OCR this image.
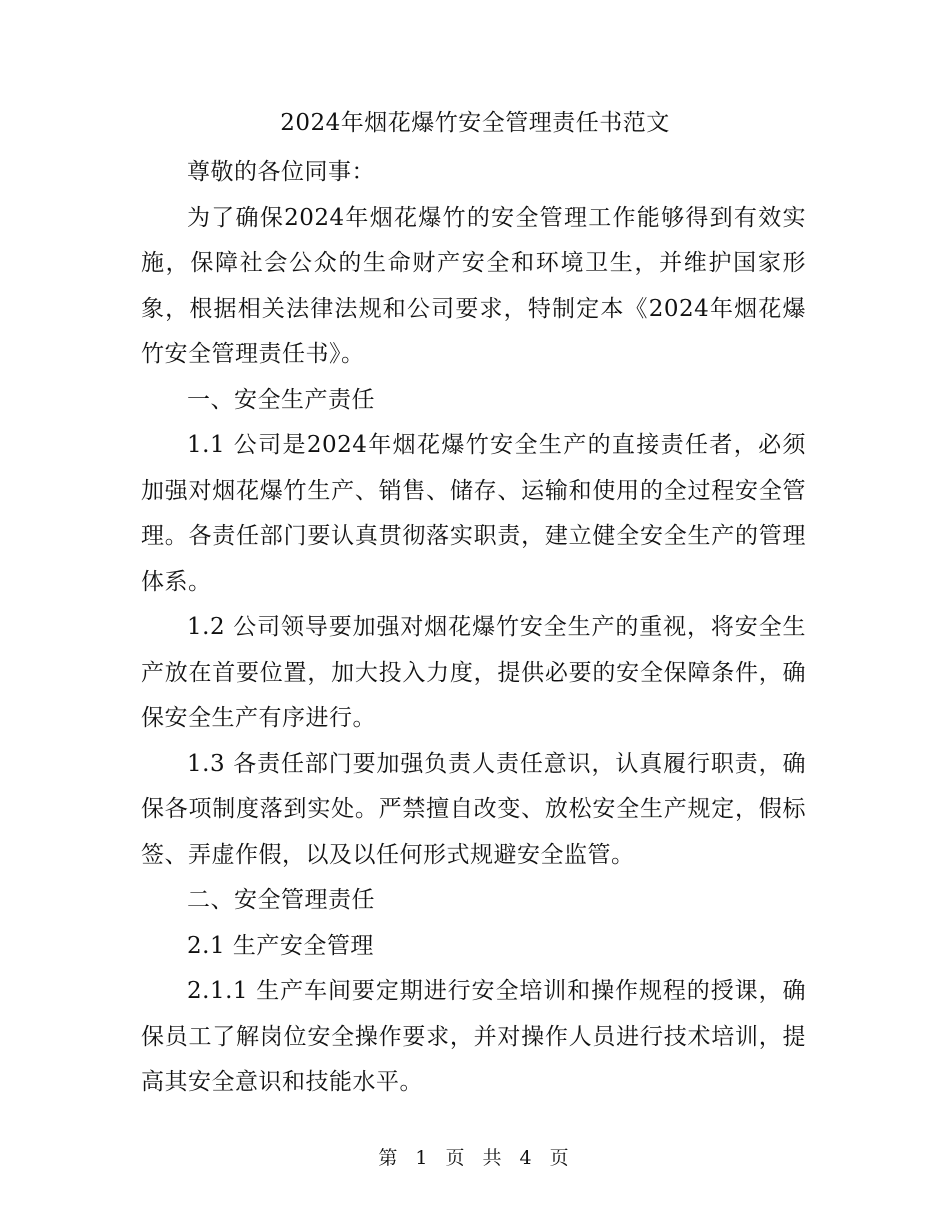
2024年烟花爆竹安全管理责任书范文

尊敬的各位同事：

为了确保2024年烟花爆竹的安全管理工作能够得到有效实施，保障社会公众的生命财产安全和环境卫生，并维护国家形象，根据相关法律法规和公司要求，特制定本《2024年烟花爆竹安全管理责任书》。

一、安全生产责任

1.1 公司是2024年烟花爆竹安全生产的直接责任者，必须加强对烟花爆竹生产、销售、储存、运输和使用的全过程安全管理。各责任部门要认真贯彻落实职责，建立健全安全生产的管理体系。

1.2 公司领导要加强对烟花爆竹安全生产的重视，将安全生产放在首要位置，加大投入力度，提供必要的安全保障条件，确保安全生产有序进行。

1.3 各责任部门要加强负责人责任意识，认真履行职责，确保各项制度落到实处。严禁擅自改变、放松安全生产规定，假标签、弄虚作假，以及以任何形式规避安全监管。

二、安全管理责任

2.1 生产安全管理

2.1.1 生产车间要定期进行安全培训和操作规程的授课，确保员工了解岗位安全操作要求，并对操作人员进行技术培训，提高其安全意识和技能水平。

第 1 页 共 4 页
